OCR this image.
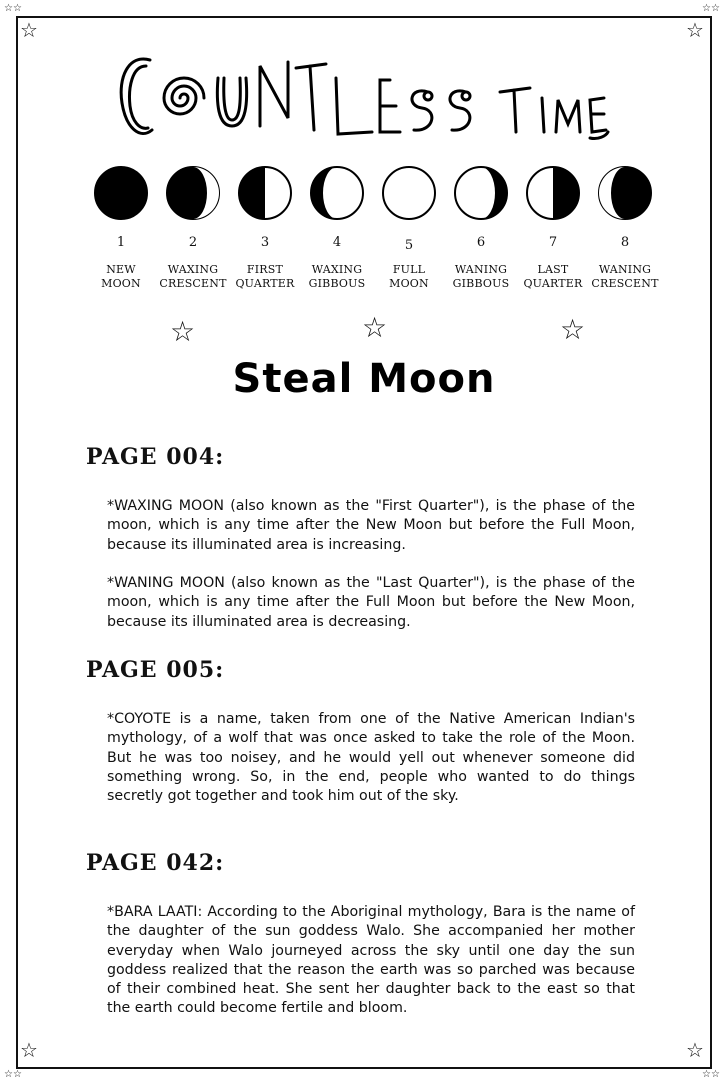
☆
☆☆
☆
☆☆
☆
☆☆
☆
☆☆
COUNTLESS TIME
1
NEW
MOON
2
WAXING
CRESCENT
3
FIRST
QUARTER
4
WAXING
GIBBOUS
5
FULL
MOON
6
WANING
GIBBOUS
7
LAST
QUARTER
8
WANING
CRESCENT
☆	☆	☆
Steal Moon
PAGE 004:
*WAXING MOON (also known as the "First Quarter"), is the phase of the moon, which is any time after the New Moon but before the Full Moon, because its illuminated area is increasing.
*WANING MOON (also known as the "Last Quarter"), is the phase of the moon, which is any time after the Full Moon but before the New Moon, because its illuminated area is decreasing.
PAGE 005:
*COYOTE is a name, taken from one of the Native American Indian's mythology, of a wolf that was once asked to take the role of the Moon. But he was too noisey, and he would yell out whenever someone did something wrong. So, in the end, people who wanted to do things secretly got together and took him out of the sky.
PAGE 042:
*BARA LAATI: According to the Aboriginal mythology, Bara is the name of the daughter of the sun goddess Walo. She accompanied her mother everyday when Walo journeyed across the sky until one day the sun goddess realized that the reason the earth was so parched was because of their combined heat. She sent her daughter back to the east so that the earth could become fertile and bloom.
